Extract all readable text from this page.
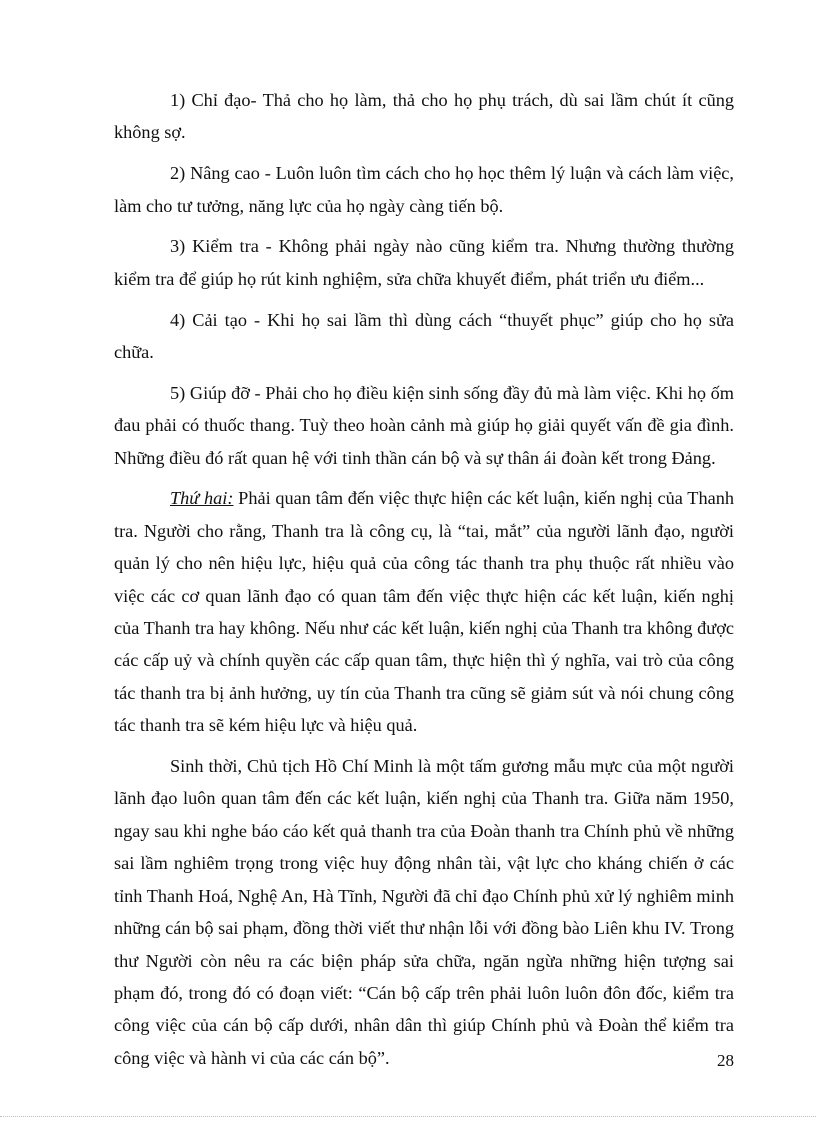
1) Chỉ đạo- Thả cho họ làm, thả cho họ phụ trách, dù sai lầm chút ít cũng không sợ.

2) Nâng cao - Luôn luôn tìm cách cho họ học thêm lý luận và cách làm việc, làm cho tư tưởng, năng lực của họ ngày càng tiến bộ.

3) Kiểm tra - Không phải ngày nào cũng kiểm tra. Nhưng thường thường kiểm tra để giúp họ rút kinh nghiệm, sửa chữa khuyết điểm, phát triển ưu điểm...

4) Cải tạo - Khi họ sai lầm thì dùng cách “thuyết phục” giúp cho họ sửa chữa.

5) Giúp đỡ - Phải cho họ điều kiện sinh sống đầy đủ mà làm việc. Khi họ ốm đau phải có thuốc thang. Tuỳ theo hoàn cảnh mà giúp họ giải quyết vấn đề gia đình. Những điều đó rất quan hệ với tinh thần cán bộ và sự thân ái đoàn kết trong Đảng.

Thứ hai: Phải quan tâm đến việc thực hiện các kết luận, kiến nghị của Thanh tra. Người cho rằng, Thanh tra là công cụ, là “tai, mắt” của người lãnh đạo, người quản lý cho nên hiệu lực, hiệu quả của công tác thanh tra phụ thuộc rất nhiều vào việc các cơ quan lãnh đạo có quan tâm đến việc thực hiện các kết luận, kiến nghị của Thanh tra hay không. Nếu như các kết luận, kiến nghị của Thanh tra không được các cấp uỷ và chính quyền các cấp quan tâm, thực hiện thì ý nghĩa, vai trò của công tác thanh tra bị ảnh hưởng, uy tín của Thanh tra cũng sẽ giảm sút và nói chung công tác thanh tra sẽ kém hiệu lực và hiệu quả.

Sinh thời, Chủ tịch Hồ Chí Minh là một tấm gương mẫu mực của một người lãnh đạo luôn quan tâm đến các kết luận, kiến nghị của Thanh tra. Giữa năm 1950, ngay sau khi nghe báo cáo kết quả thanh tra của Đoàn thanh tra Chính phủ về những sai lầm nghiêm trọng trong việc huy động nhân tài, vật lực cho kháng chiến ở các tỉnh Thanh Hoá, Nghệ An, Hà Tĩnh, Người đã chỉ đạo Chính phủ xử lý nghiêm minh những cán bộ sai phạm, đồng thời viết thư nhận lỗi với đồng bào Liên khu IV. Trong thư Người còn nêu ra các biện pháp sửa chữa, ngăn ngừa những hiện tượng sai phạm đó, trong đó có đoạn viết: “Cán bộ cấp trên phải luôn luôn đôn đốc, kiểm tra công việc của cán bộ cấp dưới, nhân dân thì giúp Chính phủ và Đoàn thể kiểm tra công việc và hành vi của các cán bộ”.	28
